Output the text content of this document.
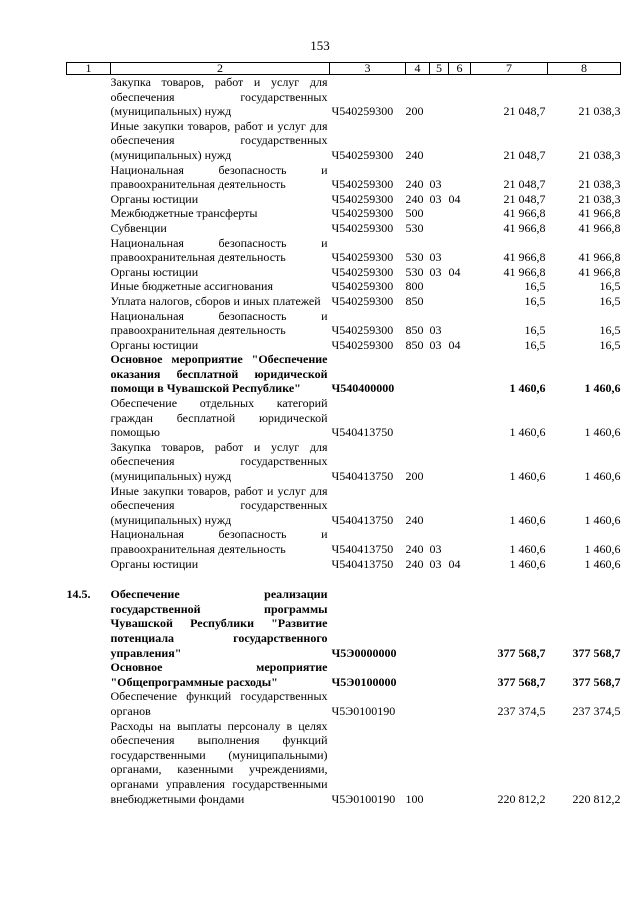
153
1	2	3	4	5	6	7	8
	Закупка товаров, работ и услуг для обеспечения государственных (муниципальных) нужд	Ч540259300	200			21 048,7	21 038,3
	Иные закупки товаров, работ и услуг для обеспечения государственных (муниципальных) нужд	Ч540259300	240			21 048,7	21 038,3
	Национальная безопасность и правоохранительная деятельность	Ч540259300	240	03		21 048,7	21 038,3
	Органы юстиции	Ч540259300	240	03	04	21 048,7	21 038,3
	Межбюджетные трансферты	Ч540259300	500			41 966,8	41 966,8
	Субвенции	Ч540259300	530			41 966,8	41 966,8
	Национальная безопасность и правоохранительная деятельность	Ч540259300	530	03		41 966,8	41 966,8
	Органы юстиции	Ч540259300	530	03	04	41 966,8	41 966,8
	Иные бюджетные ассигнования	Ч540259300	800			16,5	16,5
	Уплата налогов, сборов и иных платежей	Ч540259300	850			16,5	16,5
	Национальная безопасность и правоохранительная деятельность	Ч540259300	850	03		16,5	16,5
	Органы юстиции	Ч540259300	850	03	04	16,5	16,5
	Основное мероприятие "Обеспечение оказания бесплатной юридической помощи в Чувашской Республике"	Ч540400000				1 460,6	1 460,6
	Обеспечение отдельных категорий граждан бесплатной юридической помощью	Ч540413750				1 460,6	1 460,6
	Закупка товаров, работ и услуг для обеспечения государственных (муниципальных) нужд	Ч540413750	200			1 460,6	1 460,6
	Иные закупки товаров, работ и услуг для обеспечения государственных (муниципальных) нужд	Ч540413750	240			1 460,6	1 460,6
	Национальная безопасность и правоохранительная деятельность	Ч540413750	240	03		1 460,6	1 460,6
	Органы юстиции	Ч540413750	240	03	04	1 460,6	1 460,6

14.5.	Обеспечение реализации государственной программы Чувашской Республики "Развитие потенциала государственного управления"	Ч5Э0000000				377 568,7	377 568,7
	Основное мероприятие "Общепрограммные расходы"	Ч5Э0100000				377 568,7	377 568,7
	Обеспечение функций государственных органов	Ч5Э0100190				237 374,5	237 374,5
	Расходы на выплаты персоналу в целях обеспечения выполнения функций государственными (муниципальными) органами, казенными учреждениями, органами управления государственными внебюджетными фондами	Ч5Э0100190	100			220 812,2	220 812,2
